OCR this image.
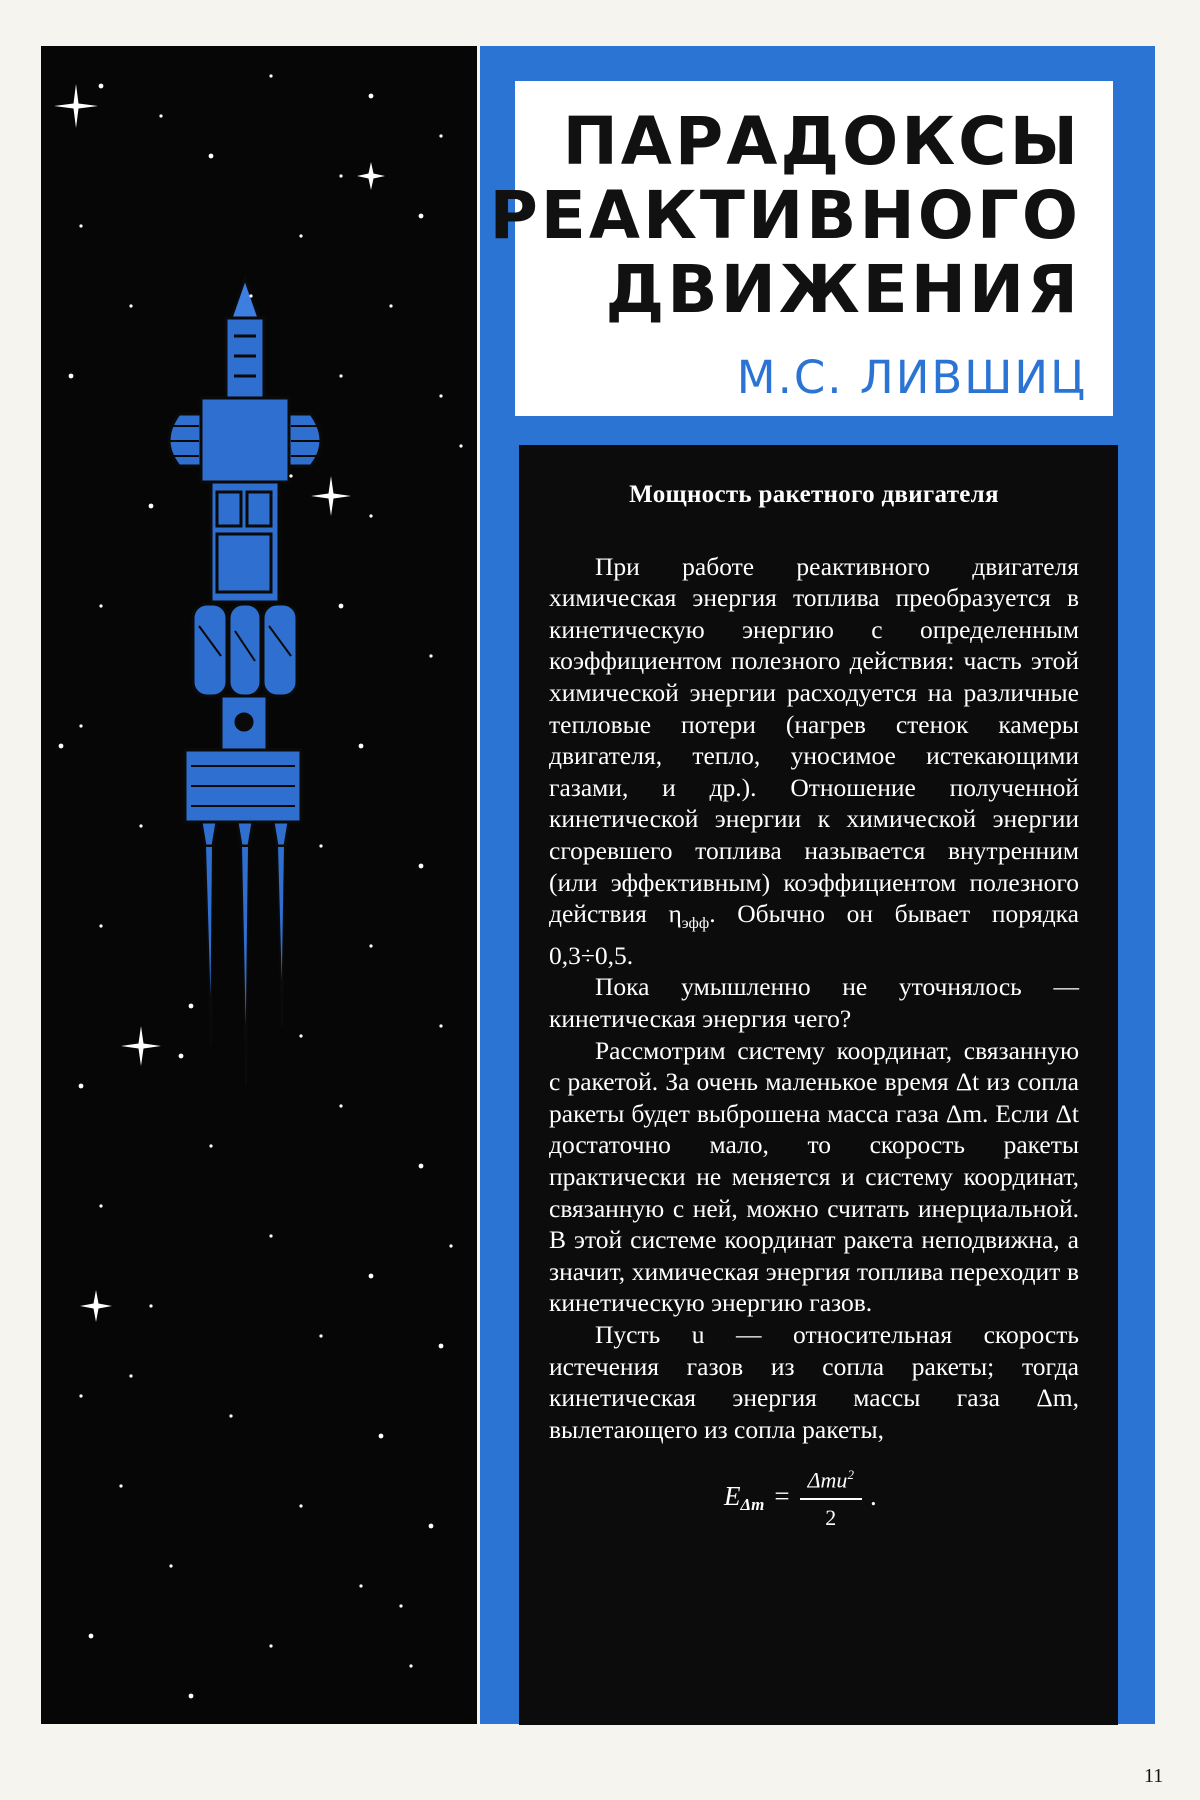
ПАРАДОКСЫ
РЕАКТИВНОГО
ДВИЖЕНИЯ
М.С. ЛИВШИЦ
Мощность ракетного двигателя

При работе реактивного двигателя химическая энергия топлива преобразуется в кинетическую энергию с определенным коэффициентом полезного действия: часть этой химической энергии расходуется на различные тепловые потери (нагрев стенок камеры двигателя, тепло, уносимое истекающими газами, и др.). Отношение полученной кинетической энергии к химической энергии сгоревшего топлива называется внутренним (или эффективным) коэффициентом полезного действия $\eta_{эфф}$. Обычно он бывает порядка 0,3÷0,5.

Пока умышленно не уточнялось — кинетическая энергия чего?

Рассмотрим систему координат, связанную с ракетой. За очень маленькое время Δt из сопла ракеты будет выброшена масса газа Δm. Если Δt достаточно мало, то скорость ракеты практически не меняется и систему координат, связанную с ней, можно считать инерциальной. В этой системе координат ракета неподвижна, а значит, химическая энергия топлива переходит в кинетическую энергию газов.

Пусть u — относительная скорость истечения газов из сопла ракеты; тогда кинетическая энергия массы газа Δm, вылетающего из сопла ракеты,

E $\Delta m = \frac{\Delta mu^2}{2}$ .
11
